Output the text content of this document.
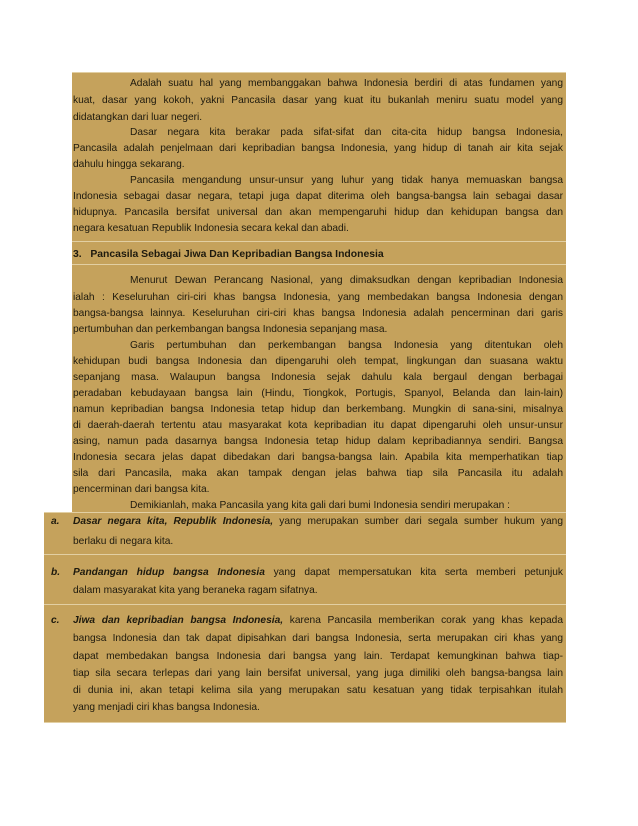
Adalah suatu hal yang membanggakan bahwa Indonesia berdiri di atas fundamen yang
kuat, dasar yang kokoh, yakni Pancasila dasar yang kuat itu bukanlah meniru suatu model yang
didatangkan dari luar negeri.
Dasar negara kita berakar pada sifat-sifat dan cita-cita hidup bangsa Indonesia,
Pancasila adalah penjelmaan dari kepribadian bangsa Indonesia, yang hidup di tanah air kita sejak
dahulu hingga sekarang.
Pancasila mengandung unsur-unsur yang luhur yang tidak hanya memuaskan bangsa
Indonesia sebagai dasar negara, tetapi juga dapat diterima oleh bangsa-bangsa lain sebagai dasar
hidupnya. Pancasila bersifat universal dan akan mempengaruhi hidup dan kehidupan bangsa dan
negara kesatuan Republik Indonesia secara kekal dan abadi.
3.   Pancasila Sebagai Jiwa Dan Kepribadian Bangsa Indonesia
Menurut Dewan Perancang Nasional, yang dimaksudkan dengan kepribadian Indonesia
ialah : Keseluruhan ciri-ciri khas bangsa Indonesia, yang membedakan bangsa Indonesia dengan
bangsa-bangsa lainnya. Keseluruhan ciri-ciri khas bangsa Indonesia adalah pencerminan dari garis
pertumbuhan dan perkembangan bangsa Indonesia sepanjang masa.
Garis pertumbuhan dan perkembangan bangsa Indonesia yang ditentukan oleh
kehidupan budi bangsa Indonesia dan dipengaruhi oleh tempat, lingkungan dan suasana waktu
sepanjang masa. Walaupun bangsa Indonesia sejak dahulu kala bergaul dengan berbagai
peradaban kebudayaan bangsa lain (Hindu, Tiongkok, Portugis, Spanyol, Belanda dan lain-lain)
namun kepribadian bangsa Indonesia tetap hidup dan berkembang. Mungkin di sana-sini, misalnya
di daerah-daerah tertentu atau masyarakat kota kepribadian itu dapat dipengaruhi oleh unsur-unsur
asing, namun pada dasarnya bangsa Indonesia tetap hidup dalam kepribadiannya sendiri. Bangsa
Indonesia secara jelas dapat dibedakan dari bangsa-bangsa lain. Apabila kita memperhatikan tiap
sila dari Pancasila, maka akan tampak dengan jelas bahwa tiap sila Pancasila itu adalah
pencerminan dari bangsa kita.
Demikianlah, maka Pancasila yang kita gali dari bumi Indonesia sendiri merupakan :
a. Dasar negara kita, Republik Indonesia, yang merupakan sumber dari segala sumber hukum yang
berlaku di negara kita.
b. Pandangan hidup bangsa Indonesia yang dapat mempersatukan kita serta memberi petunjuk
dalam masyarakat kita yang beraneka ragam sifatnya.
c. Jiwa dan kepribadian bangsa Indonesia, karena Pancasila memberikan corak yang khas kepada
bangsa Indonesia dan tak dapat dipisahkan dari bangsa Indonesia, serta merupakan ciri khas yang
dapat membedakan bangsa Indonesia dari bangsa yang lain. Terdapat kemungkinan bahwa tiap-
tiap sila secara terlepas dari yang lain bersifat universal, yang juga dimiliki oleh bangsa-bangsa lain
di dunia ini, akan tetapi kelima sila yang merupakan satu kesatuan yang tidak terpisahkan itulah
yang menjadi ciri khas bangsa Indonesia.
